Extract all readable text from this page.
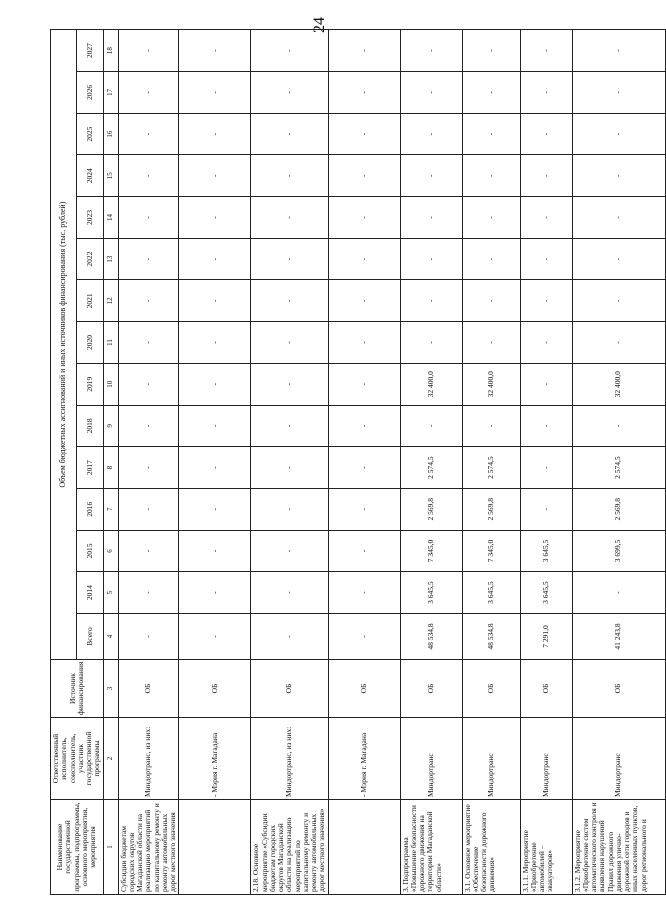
24
Наименование государственной программы, подпрограммы, основного мероприятия, мероприятия	Ответственный исполнитель, соисполнитель, участник государственной программы	Источник финансирования	Объем бюджетных ассигнований и иных источников финансирования (тыс. рублей)														
			Всего	2014	2015	2016	2017	2018	2019	2020	2021	2022	2023	2024	2025	2026	2027
1	2	3	4	5	6	7	8	9	10	11	12	13	14	15	16	17	18
Субсидии бюджетам городских округов Магаданской области на реализацию мероприятий по капитальному ремонту и ремонту автомобильных дорог местного значения	Миндортранс, из них:	ОБ	-	-	-	-	-	-	-	-	-	-	-	-	-	-	-
	- Мэрия г. Магадана	ОБ	-	-	-	-	-	-	-	-	-	-	-	-	-	-	-
2.18. Основное мероприятие «Субсидии бюджетам городских округов Магаданской области на реализацию мероприятий по капитальному ремонту и ремонту автомобильных дорог местного значения»	Миндортранс, из них:	ОБ	-	-	-	-	-	-	-	-	-	-	-	-	-	-	-
	- Мэрия г. Магадана	ОБ	-	-	-	-	-	-	-	-	-	-	-	-	-	-	-
3. Подпрограмма «Повышение безопасности дорожного движения на территории Магаданской области»	Миндортранс	ОБ	48 534,8	3 645,5	7 345,0	2 569,8	2 574,5	-	32 400,0	-	-	-	-	-	-	-	-
3.1. Основное мероприятие «Обеспечение безопасности дорожного движения»	Миндортранс	ОБ	48 534,8	3 645,5	7 345,0	2 569,8	2 574,5	-	32 400,0	-	-	-	-	-	-	-	-
3.1.1. Мероприятие «Приобретение автомобилей – эвакуаторов»	Миндортранс	ОБ	7 291,0	3 645,5	3 645,5	-	-	-	-	-	-	-	-	-	-	-	-
3.1.2. Мероприятие «Приобретение систем автоматического контроля и выявления нарушений Правил дорожного движения улично-дорожной сети городов и иных населенных пунктов, дорог регионального и	Миндортранс	ОБ	41 243,8	-	3 699,5	2 569,8	2 574,5	-	32 400,0	-	-	-	-	-	-	-	-
